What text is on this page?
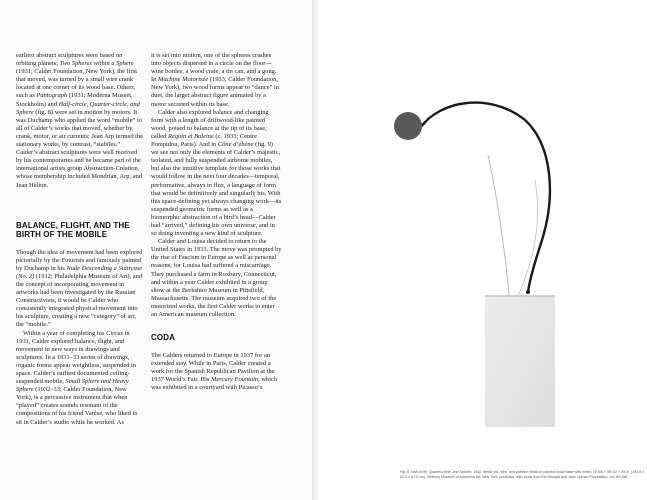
earliest abstract sculptures were based on orbiting planets; Two Spheres within a Sphere (1931; Calder Foundation, New York), the first that moved, was turned by a small wire crank located at one corner of its wood base. Others, such as Pantograph (1931; Moderna Museet, Stockholm) and Half-circle, Quarter-circle, and Sphere (fig. 8) were set in motion by motors. It was Duchamp who applied the word “mobile” to all of Calder’s works that moved, whether by crank, motor, or air currents; Jean Arp termed the stationary works, by contrast, “stabiles.” Calder’s abstract sculptures were well received by his contemporaries and he became part of the international artists group Abstraction-Création, whose membership included Mondrian, Arp, and Jean Hélion.

BALANCE, FLIGHT, AND THE BIRTH OF THE MOBILE

Though the idea of movement had been explored pictorially by the Futurists and famously painted by Duchamp in his Nude Descending a Staircase (No. 2) (1912; Philadelphia Museum of Art), and the concept of incorporating movement in artworks had been investigated by the Russian Constructivists, it would be Calder who consistently integrated physical movement into his sculpture, creating a new “category” of art, the “mobile.”

Within a year of completing his Circus in 1931, Calder explored balance, flight, and movement in new ways in drawings and sculptures. In a 1931–33 series of drawings, organic forms appear weightless, suspended in space. Calder’s earliest documented ceiling-suspended mobile, Small Sphere and Heavy Sphere (1932–33; Calder Foundation, New York), is a percussive instrument that when “played” creates sounds resonant of the compositions of his friend Varèse, who liked to sit in Calder’s studio while he worked. As

it is set into motion, one of the spheres crashes into objects dispersed in a circle on the floor—wine bottles, a wood crate, a tin can, and a gong. In Machine Motorisée (1933; Calder Foundation, New York), two wood forms appear to “dance” in duet, the larger abstract figure animated by a motor secreted within its base.

Calder also explored balance and changing form with a length of driftwood-like painted wood, poised to balance at the tip of its base, called Requin et Baleine (c. 1933; Centre Pompidou, Paris). And in Cône d’ébène (fig. 9) we see not only the elements of Calder’s majestic, isolated, and fully suspended airborne mobiles, but also the intuitive template for those works that would follow in the next four decades—temporal, performative, always in flux, a language of form that would be definitively and singularly his. With this space-defining yet always changing work—its suspended geometric forms as well as a biomorphic abstraction of a bird’s head—Calder had “arrived,” defining his own universe, and in so doing inventing a new kind of sculpture.

Calder and Louisa decided to return to the United States in 1933. The move was prompted by the rise of Fascism in Europe as well as personal reasons, for Louisa had suffered a miscarriage. They purchased a farm in Roxbury, Connecticut, and within a year Calder exhibited in a group show at the Berkshire Museum in Pittsfield, Massachusetts. The museum acquired two of the motorized works, the first Calder works to enter an American museum collection.

CODA

The Calders returned to Europe in 1937 for an extended stay. While in Paris, Calder created a work for the Spanish Republican Pavilion at the 1937 World’s Fair. His Mercury Fountain, which was exhibited in a courtyard with Picasso’s

Fig. 8. Half-circle, Quarter-circle, and Sphere, 1932. Metal rod, wire, and painted metal on painted wood base with motor, 78 5/8 × 35 1/2 × 25 in. (194.8 × 90.2 × 63.5 cm). Whitney Museum of American Art, New York; purchase, with funds from the Howard and Jean Lipman Foundation, Inc. 69.258
